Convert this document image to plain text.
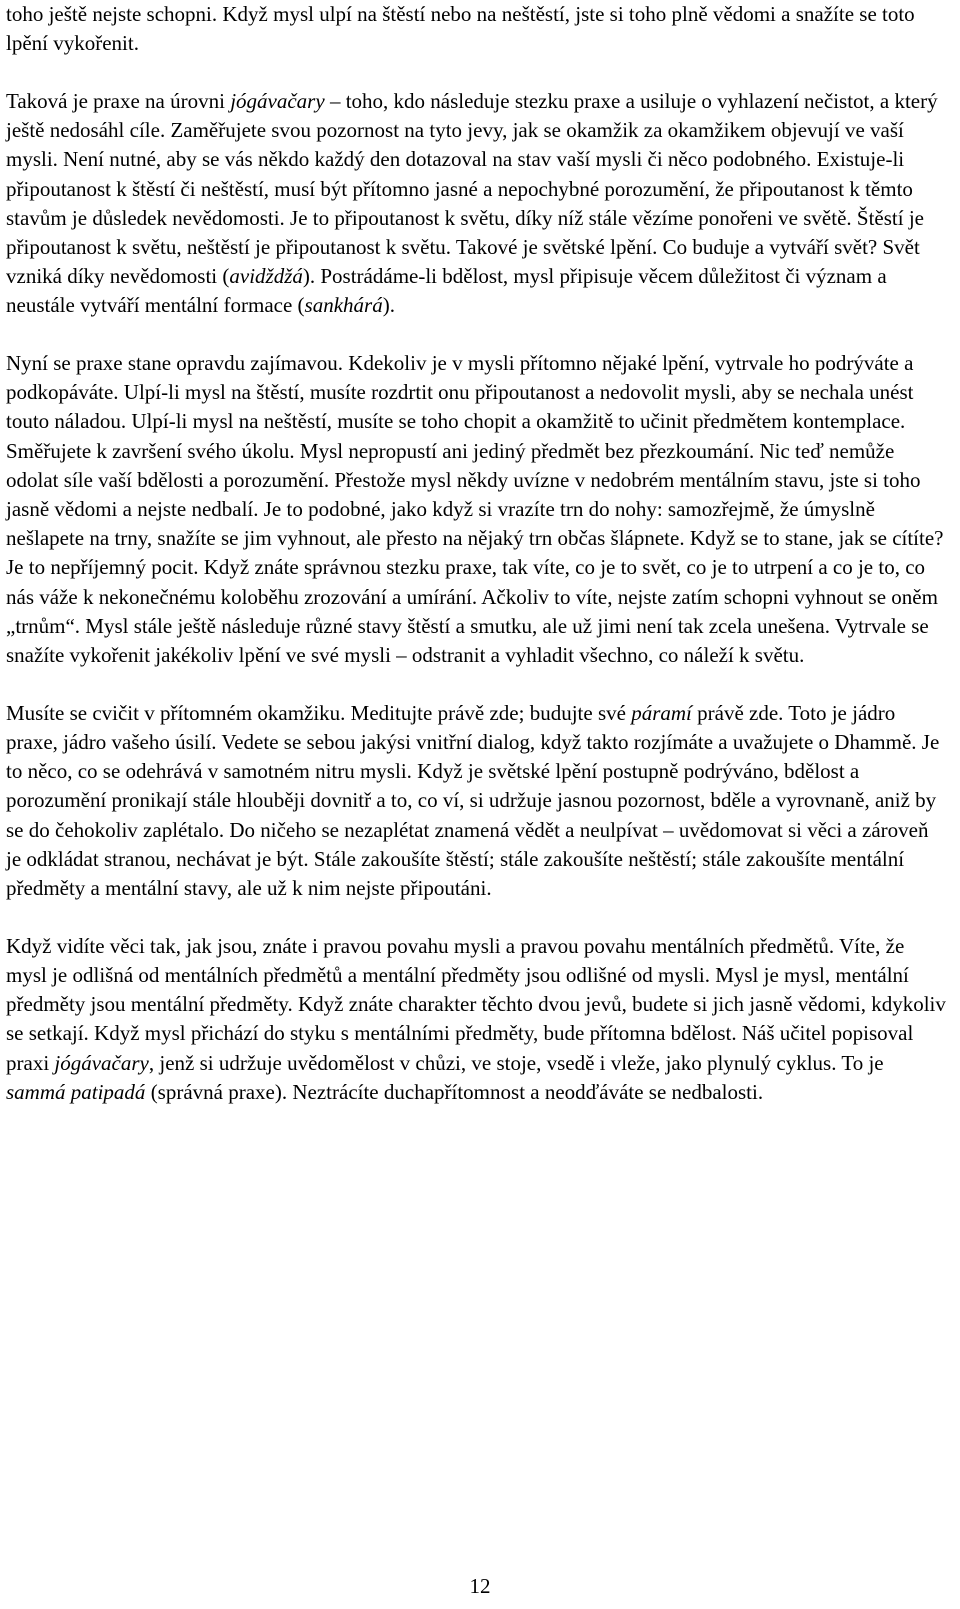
toho ještě nejste schopni. Když mysl ulpí na štěstí nebo na neštěstí, jste si toho plně vědomi a snažíte se toto lpění vykořenit.

Taková je praxe na úrovni jógávačary – toho, kdo následuje stezku praxe a usiluje o vyhlazení nečistot, a který ještě nedosáhl cíle. Zaměřujete svou pozornost na tyto jevy, jak se okamžik za okamžikem objevují ve vaší mysli. Není nutné, aby se vás někdo každý den dotazoval na stav vaší mysli či něco podobného. Existuje-li připoutanost k štěstí či neštěstí, musí být přítomno jasné a nepochybné porozumění, že připoutanost k těmto stavům je důsledek nevědomosti. Je to připoutanost k světu, díky níž stále vězíme ponořeni ve světě. Štěstí je připoutanost k světu, neštěstí je připoutanost k světu. Takové je světské lpění. Co buduje a vytváří svět? Svět vzniká díky nevědomosti (avidždžá). Postrádáme-li bdělost, mysl připisuje věcem důležitost či význam a neustále vytváří mentální formace (sankhárá).

Nyní se praxe stane opravdu zajímavou. Kdekoliv je v mysli přítomno nějaké lpění, vytrvale ho podrýváte a podkopáváte. Ulpí-li mysl na štěstí, musíte rozdrtit onu připoutanost a nedovolit mysli, aby se nechala unést touto náladou. Ulpí-li mysl na neštěstí, musíte se toho chopit a okamžitě to učinit předmětem kontemplace. Směřujete k završení svého úkolu. Mysl nepropustí ani jediný předmět bez přezkoumání. Nic teď nemůže odolat síle vaší bdělosti a porozumění. Přestože mysl někdy uvízne v nedobrém mentálním stavu, jste si toho jasně vědomi a nejste nedbalí. Je to podobné, jako když si vrazíte trn do nohy: samozřejmě, že úmyslně nešlapete na trny, snažíte se jim vyhnout, ale přesto na nějaký trn občas šlápnete. Když se to stane, jak se cítíte? Je to nepříjemný pocit. Když znáte správnou stezku praxe, tak víte, co je to svět, co je to utrpení a co je to, co nás váže k nekonečnému koloběhu zrozování a umírání. Ačkoliv to víte, nejste zatím schopni vyhnout se oněm „trnům“. Mysl stále ještě následuje různé stavy štěstí a smutku, ale už jimi není tak zcela unešena. Vytrvale se snažíte vykořenit jakékoliv lpění ve své mysli – odstranit a vyhladit všechno, co náleží k světu.

Musíte se cvičit v přítomném okamžiku. Meditujte právě zde; budujte své páramí právě zde. Toto je jádro praxe, jádro vašeho úsilí. Vedete se sebou jakýsi vnitřní dialog, když takto rozjímáte a uvažujete o Dhammě. Je to něco, co se odehrává v samotném nitru mysli. Když je světské lpění postupně podrýváno, bdělost a porozumění pronikají stále hlouběji dovnitř a to, co ví, si udržuje jasnou pozornost, bděle a vyrovnaně, aniž by se do čehokoliv zaplétalo. Do ničeho se nezaplétat znamená vědět a neulpívat – uvědomovat si věci a zároveň je odkládat stranou, nechávat je být. Stále zakoušíte štěstí; stále zakoušíte neštěstí; stále zakoušíte mentální předměty a mentální stavy, ale už k nim nejste připoutáni.

Když vidíte věci tak, jak jsou, znáte i pravou povahu mysli a pravou povahu mentálních předmětů. Víte, že mysl je odlišná od mentálních předmětů a mentální předměty jsou odlišné od mysli. Mysl je mysl, mentální předměty jsou mentální předměty. Když znáte charakter těchto dvou jevů, budete si jich jasně vědomi, kdykoliv se setkají. Když mysl přichází do styku s mentálními předměty, bude přítomna bdělost. Náš učitel popisoval praxi jógávačary, jenž si udržuje uvědomělost v chůzi, ve stoje, vsedě i vleže, jako plynulý cyklus. To je sammá patipadá (správná praxe). Neztrácíte duchapřítomnost a neodďáváte se nedbalosti.

12
